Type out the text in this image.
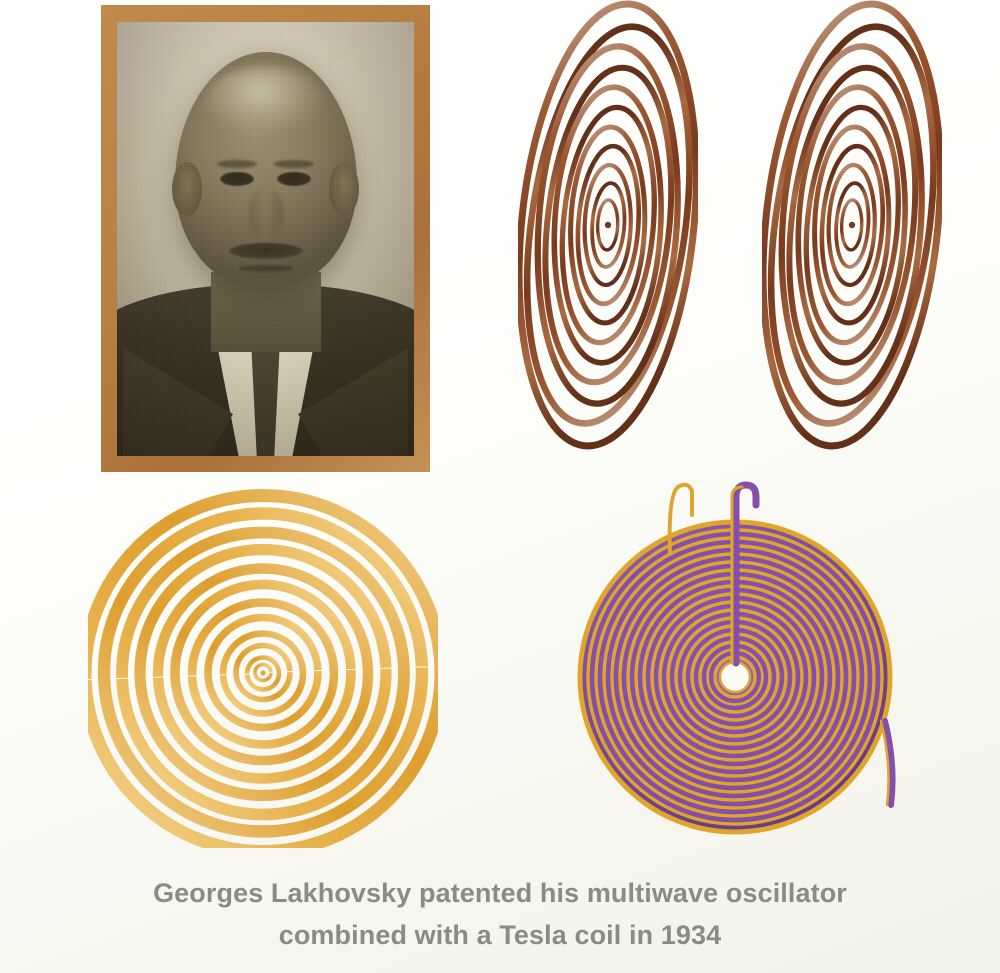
Georges Lakhovsky patented his multiwave oscillator
combined with a Tesla coil in 1934
